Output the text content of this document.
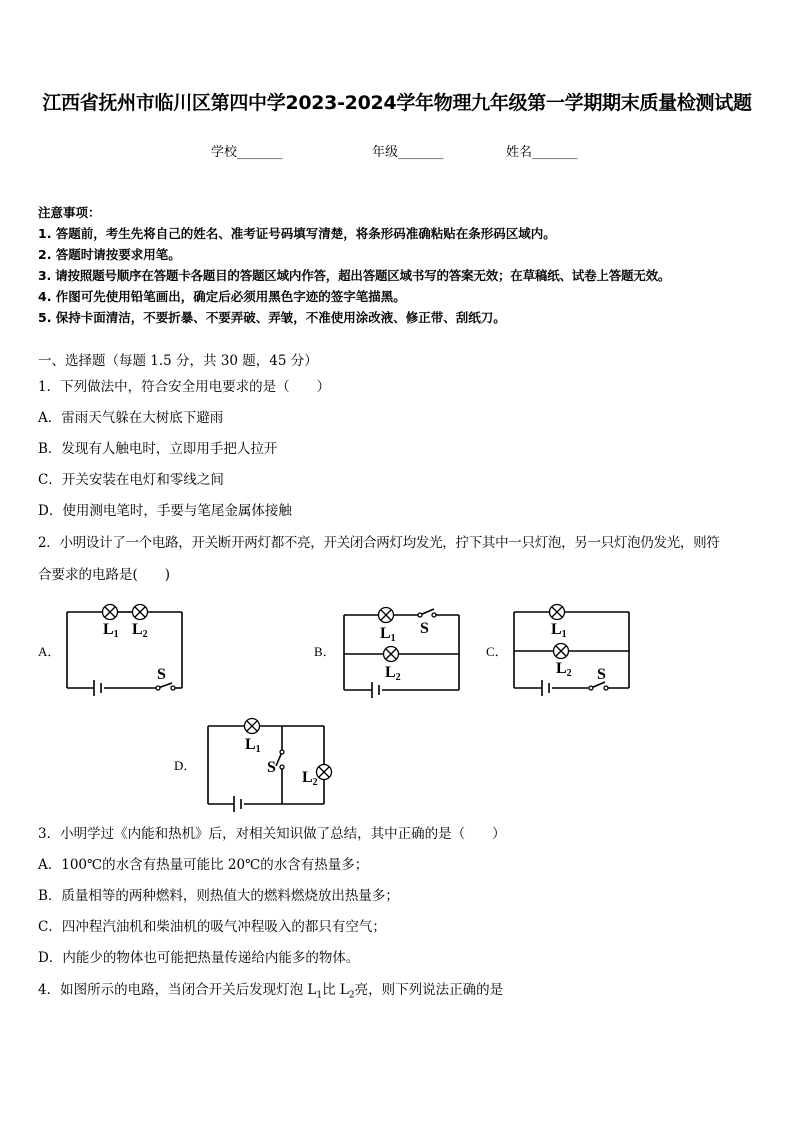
江西省抚州市临川区第四中学2023-2024学年物理九年级第一学期期末质量检测试题
学校_______	年级_______	姓名_______
注意事项：
1. 答题前，考生先将自己的姓名、准考证号码填写清楚，将条形码准确粘贴在条形码区域内。
2. 答题时请按要求用笔。
3. 请按照题号顺序在答题卡各题目的答题区域内作答，超出答题区域书写的答案无效；在草稿纸、试卷上答题无效。
4. 作图可先使用铅笔画出，确定后必须用黑色字迹的签字笔描黑。
5. 保持卡面清洁，不要折暴、不要弄破、弄皱，不准使用涂改液、修正带、刮纸刀。
一、选择题（每题 1.5 分，共 30 题，45 分）
1．下列做法中，符合安全用电要求的是（　　）
A．雷雨天气躲在大树底下避雨
B．发现有人触电时，立即用手把人拉开
C．开关安装在电灯和零线之间
D．使用测电笔时，手要与笔尾金属体接触
2．小明设计了一个电路，开关断开两灯都不亮，开关闭合两灯均发光，拧下其中一只灯泡，另一只灯泡仍发光，则符
合要求的电路是(　　)
A．	B．	C．
D．
L1 L2
S
L1
S
L2
L1
L2 S
L1
S
L2
3．小明学过《内能和热机》后，对相关知识做了总结，其中正确的是（　　）
A．100℃的水含有热量可能比 20℃的水含有热量多；
B．质量相等的两种燃料，则热值大的燃料燃烧放出热量多；
C．四冲程汽油机和柴油机的吸气冲程吸入的都只有空气；
D．内能少的物体也可能把热量传递给内能多的物体。
4．如图所示的电路，当闭合开关后发现灯泡 $L_1$比 $L_2$亮，则下列说法正确的是
